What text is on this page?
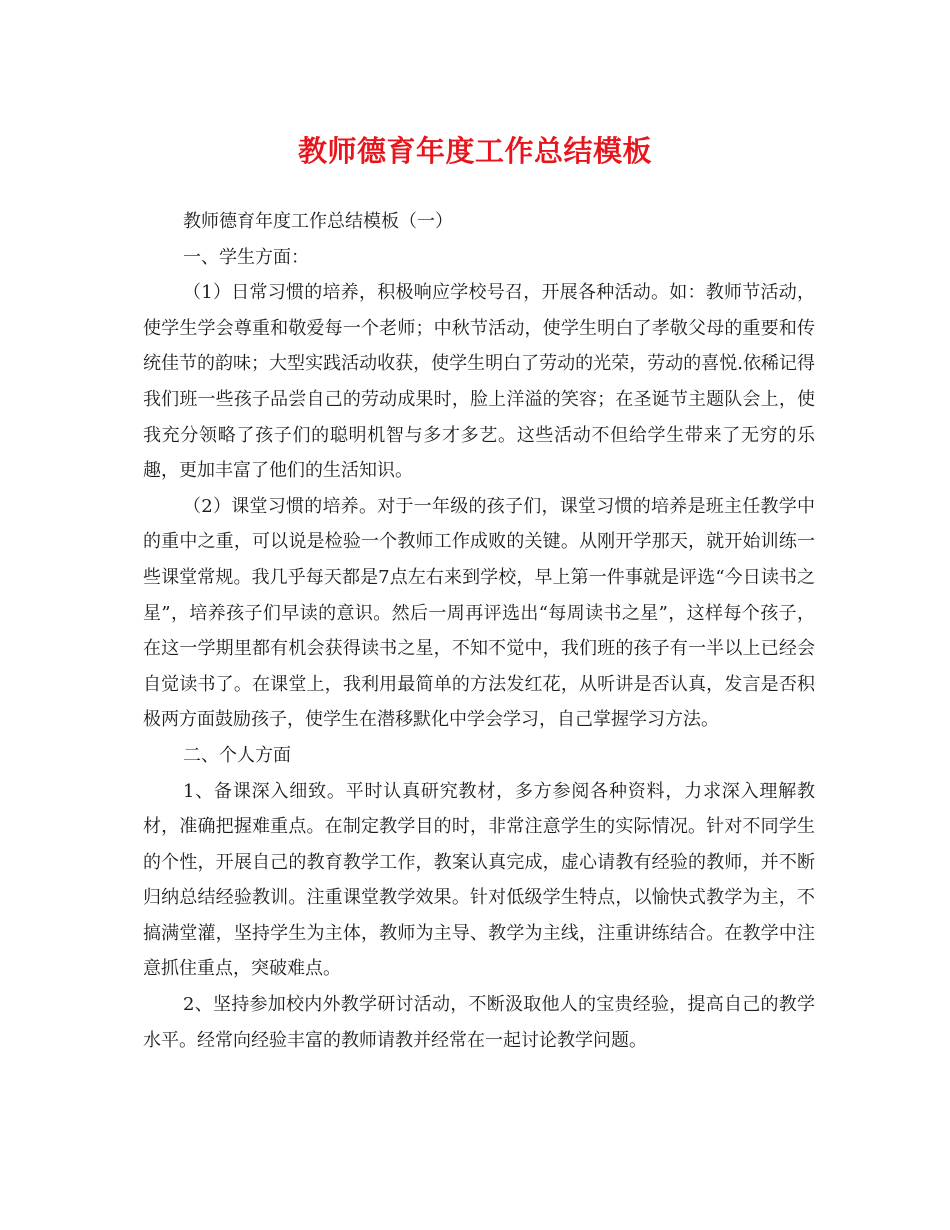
教师德育年度工作总结模板

教师德育年度工作总结模板（一）

一、学生方面：

（1）日常习惯的培养，积极响应学校号召，开展各种活动。如：教师节活动，使学生学会尊重和敬爱每一个老师；中秋节活动，使学生明白了孝敬父母的重要和传统佳节的韵味；大型实践活动收获，使学生明白了劳动的光荣，劳动的喜悦.依稀记得我们班一些孩子品尝自己的劳动成果时，脸上洋溢的笑容；在圣诞节主题队会上，使我充分领略了孩子们的聪明机智与多才多艺。这些活动不但给学生带来了无穷的乐趣，更加丰富了他们的生活知识。

（2）课堂习惯的培养。对于一年级的孩子们，课堂习惯的培养是班主任教学中的重中之重，可以说是检验一个教师工作成败的关键。从刚开学那天，就开始训练一些课堂常规。我几乎每天都是7点左右来到学校，早上第一件事就是评选“今日读书之星”，培养孩子们早读的意识。然后一周再评选出“每周读书之星”，这样每个孩子，在这一学期里都有机会获得读书之星，不知不觉中，我们班的孩子有一半以上已经会自觉读书了。在课堂上，我利用最简单的方法发红花，从听讲是否认真，发言是否积极两方面鼓励孩子，使学生在潜移默化中学会学习，自己掌握学习方法。

二、个人方面

1、备课深入细致。平时认真研究教材，多方参阅各种资料，力求深入理解教材，准确把握难重点。在制定教学目的时，非常注意学生的实际情况。针对不同学生的个性，开展自己的教育教学工作，教案认真完成，虚心请教有经验的教师，并不断归纳总结经验教训。注重课堂教学效果。针对低级学生特点，以愉快式教学为主，不搞满堂灌，坚持学生为主体，教师为主导、教学为主线，注重讲练结合。在教学中注意抓住重点，突破难点。

2、坚持参加校内外教学研讨活动，不断汲取他人的宝贵经验，提高自己的教学水平。经常向经验丰富的教师请教并经常在一起讨论教学问题。
